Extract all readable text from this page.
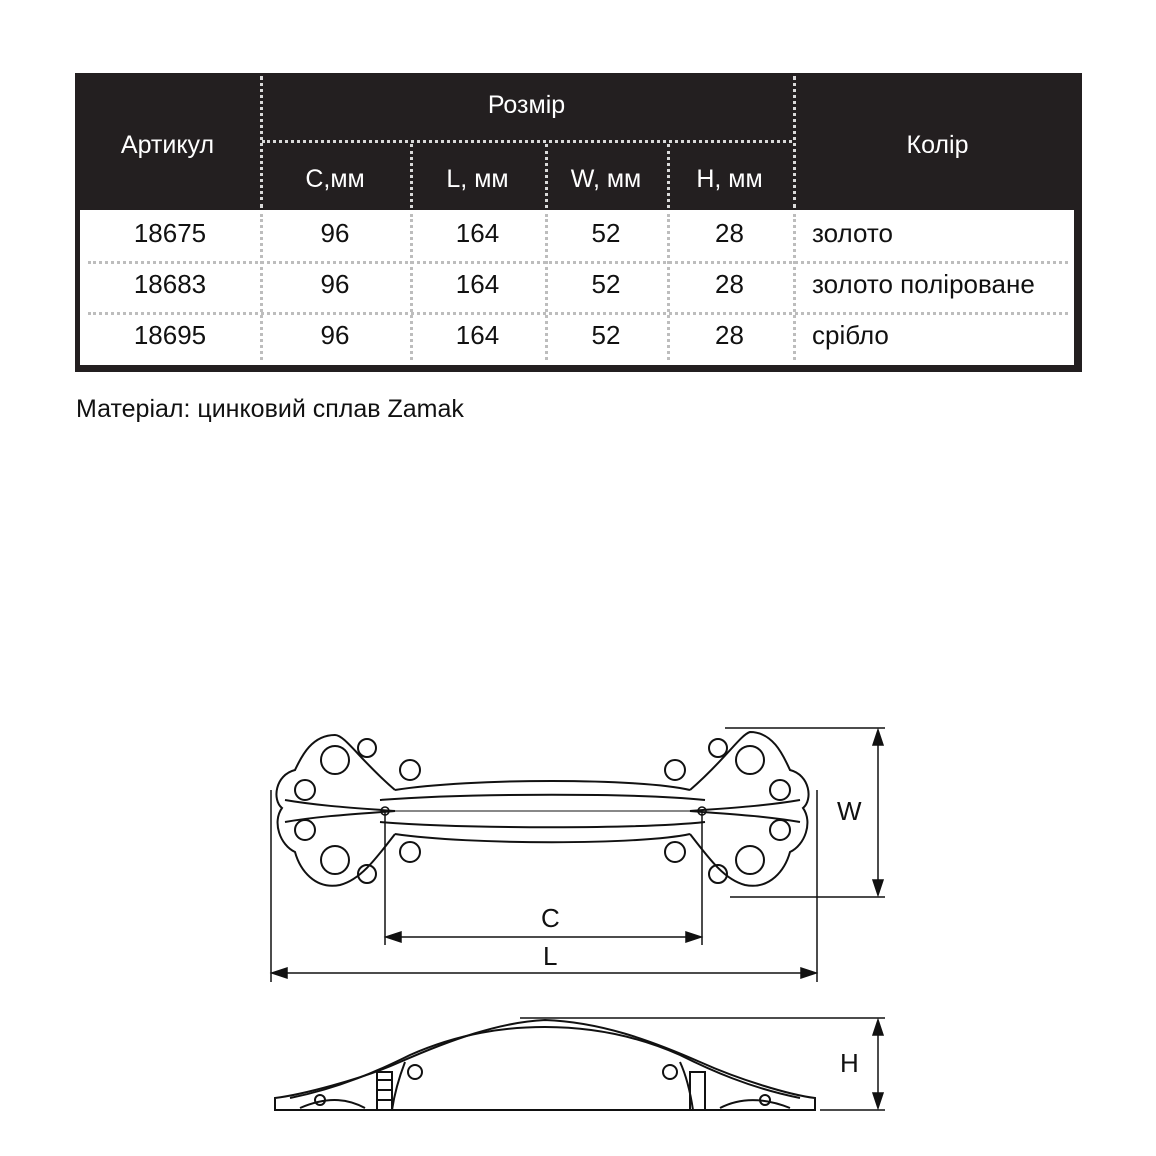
Артикул
Розмір
C,мм	L, мм	W, мм	H, мм
Колір
18675	96	164	52	28	золото
18683	96	164	52	28	золото поліроване
18695	96	164	52	28	срібло
Матеріал: цинковий сплав Zamak
W
C
L
H
